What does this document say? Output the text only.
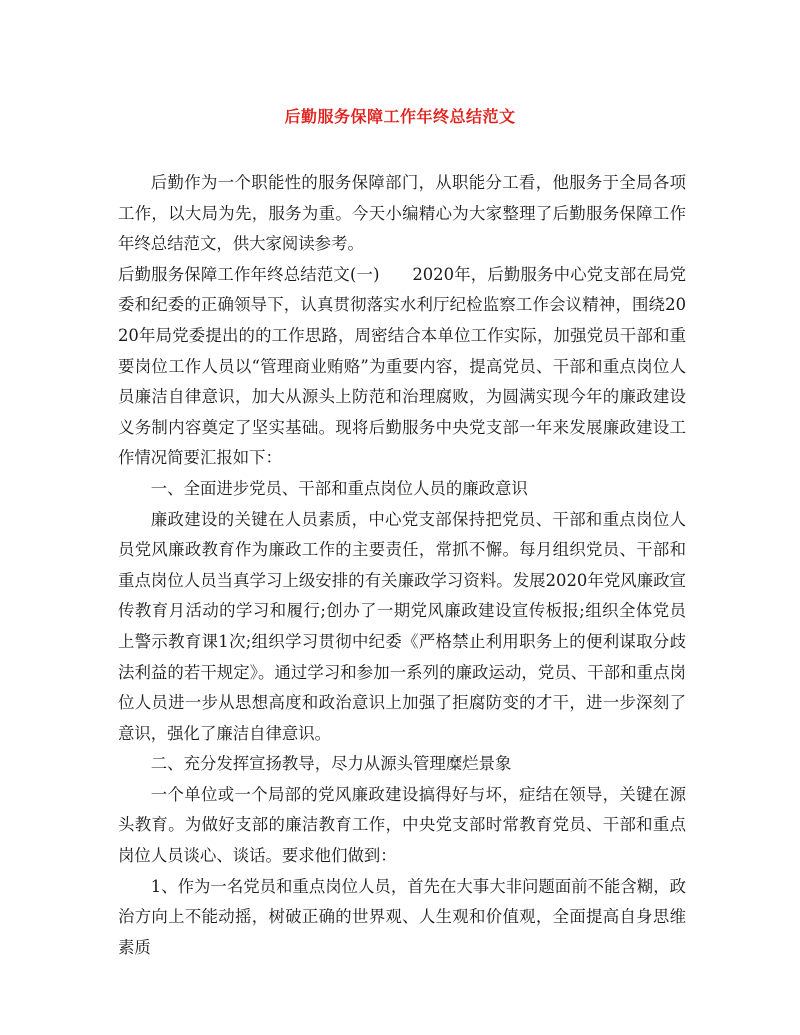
后勤服务保障工作年终总结范文

后勤作为一个职能性的服务保障部门，从职能分工看，他服务于全局各项工作，以大局为先，服务为重。今天小编精心为大家整理了后勤服务保障工作年终总结范文，供大家阅读参考。

后勤服务保障工作年终总结范文(一) 2020年，后勤服务中心党支部在局党委和纪委的正确领导下，认真贯彻落实水利厅纪检监察工作会议精神，围绕2020年局党委提出的的工作思路，周密结合本单位工作实际，加强党员干部和重要岗位工作人员以“管理商业贿赂”为重要内容，提高党员、干部和重点岗位人员廉洁自律意识，加大从源头上防范和治理腐败，为圆满实现今年的廉政建设义务制内容奠定了坚实基础。现将后勤服务中央党支部一年来发展廉政建设工作情况简要汇报如下：

一、全面进步党员、干部和重点岗位人员的廉政意识

廉政建设的关键在人员素质，中心党支部保持把党员、干部和重点岗位人员党风廉政教育作为廉政工作的主要责任，常抓不懈。每月组织党员、干部和重点岗位人员当真学习上级安排的有关廉政学习资料。发展2020年党风廉政宣传教育月活动的学习和履行;创办了一期党风廉政建设宣传板报;组织全体党员上警示教育课1次;组织学习贯彻中纪委《严格禁止利用职务上的便利谋取分歧法利益的若干规定》。通过学习和参加一系列的廉政运动，党员、干部和重点岗位人员进一步从思想高度和政治意识上加强了拒腐防变的才干，进一步深刻了意识，强化了廉洁自律意识。

二、充分发挥宣扬教导，尽力从源头管理糜烂景象

一个单位或一个局部的党风廉政建设搞得好与坏，症结在领导，关键在源头教育。为做好支部的廉洁教育工作，中央党支部时常教育党员、干部和重点岗位人员谈心、谈话。要求他们做到：

1、作为一名党员和重点岗位人员，首先在大事大非问题面前不能含糊，政治方向上不能动摇，树破正确的世界观、人生观和价值观，全面提高自身思维素质
